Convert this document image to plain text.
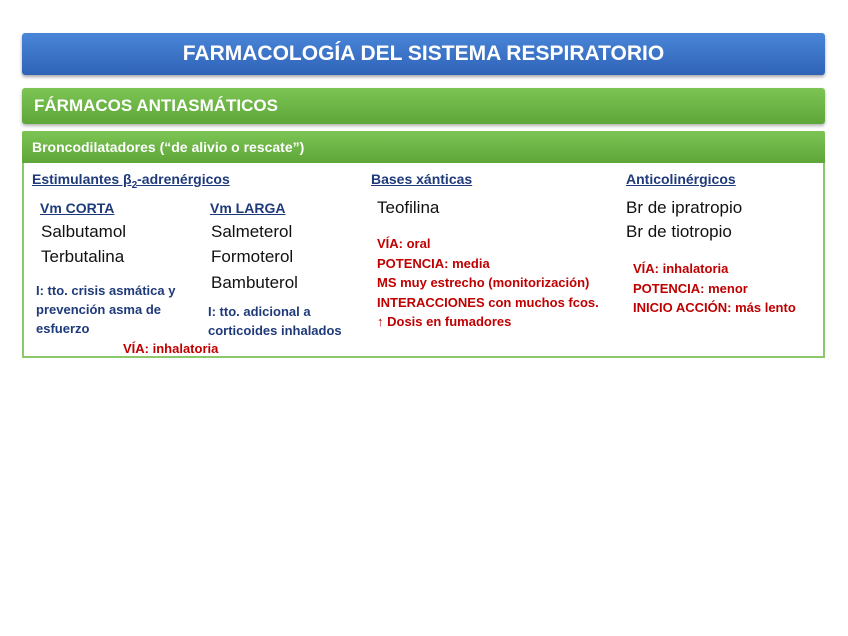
FARMACOLOGÍA DEL SISTEMA RESPIRATORIO
FÁRMACOS ANTIASMÁTICOS
Broncodilatadores (“de alivio o rescate”)
Estimulantes $\beta_2$-adrenérgicos
Vm CORTA
Salbutamol
Terbutalina
I: tto. crisis asmática y
prevención asma de
esfuerzo
Vm LARGA
Salmeterol
Formoterol
Bambuterol
I: tto. adicional a
corticoides inhalados
VÍA: inhalatoria
Bases xánticas
Teofilina
VÍA: oral
POTENCIA: media
MS muy estrecho (monitorización)
INTERACCIONES con muchos fcos.
↑ Dosis en fumadores
Anticolinérgicos
Br de ipratropio
Br de tiotropio
VÍA: inhalatoria
POTENCIA: menor
INICIO ACCIÓN: más lento
